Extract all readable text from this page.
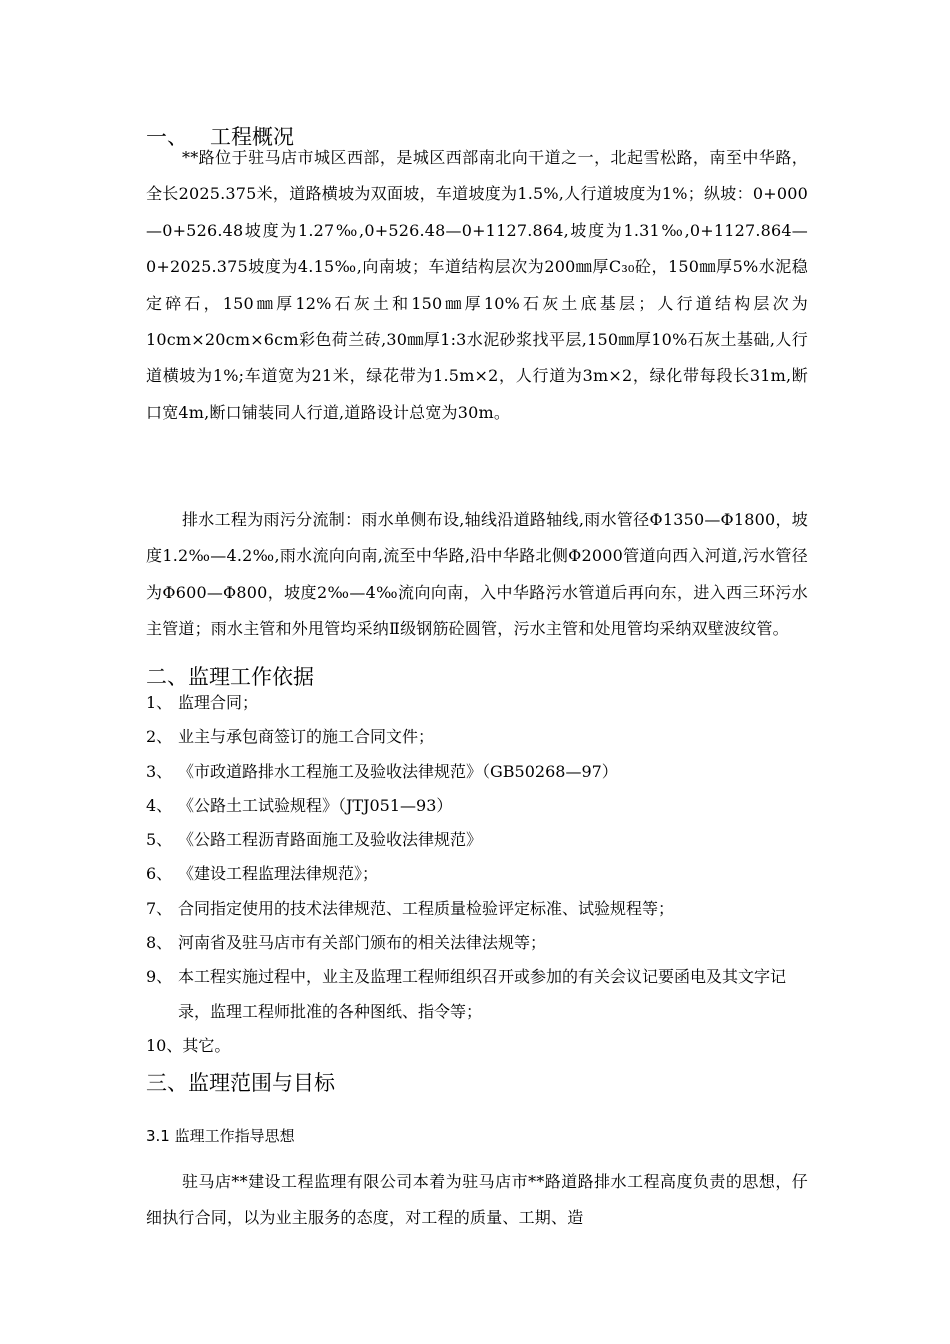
一、 工程概况

**路位于驻马店市城区西部，是城区西部南北向干道之一，北起雪松路，南至中华路，全长2025.375米，道路横坡为双面坡，车道坡度为1.5%,人行道坡度为1%；纵坡：0+000—0+526.48坡度为1.27‰,0+526.48—0+1127.864,坡度为1.31‰,0+1127.864—0+2025.375坡度为4.15‰,向南坡；车道结构层次为200㎜厚C₃₀砼，150㎜厚5%水泥稳定碎石，150㎜厚12%石灰土和150㎜厚10%石灰土底基层；人行道结构层次为10cm×20cm×6cm彩色荷兰砖,30㎜厚1:3水泥砂浆找平层,150㎜厚10%石灰土基础,人行道横坡为1%;车道宽为21米，绿花带为1.5m×2，人行道为3m×2，绿化带每段长31m,断口宽4m,断口铺装同人行道,道路设计总宽为30m。

排水工程为雨污分流制：雨水单侧布设,轴线沿道路轴线,雨水管径Φ1350—Φ1800，坡度1.2‰—4.2‰,雨水流向向南,流至中华路,沿中华路北侧Φ2000管道向西入河道,污水管径为Φ600—Φ800，坡度2‰—4‰流向向南，入中华路污水管道后再向东，进入西三环污水主管道；雨水主管和外甩管均采纳Ⅱ级钢筋砼圆管，污水主管和处甩管均采纳双壁波纹管。

二、监理工作依据
1、 监理合同；
2、 业主与承包商签订的施工合同文件；
3、 《市政道路排水工程施工及验收法律规范》（GB50268—97）
4、 《公路土工试验规程》（JTJ051—93）
5、 《公路工程沥青路面施工及验收法律规范》
6、 《建设工程监理法律规范》；
7、 合同指定使用的技术法律规范、工程质量检验评定标准、试验规程等；
8、 河南省及驻马店市有关部门颁布的相关法律法规等；
9、 本工程实施过程中，业主及监理工程师组织召开或参加的有关会议记要函电及其文字记录，监理工程师批准的各种图纸、指令等；
10、其它。
三、监理范围与目标
3.1 监理工作指导思想

驻马店**建设工程监理有限公司本着为驻马店市**路道路排水工程高度负责的思想，仔细执行合同，以为业主服务的态度，对工程的质量、工期、造
